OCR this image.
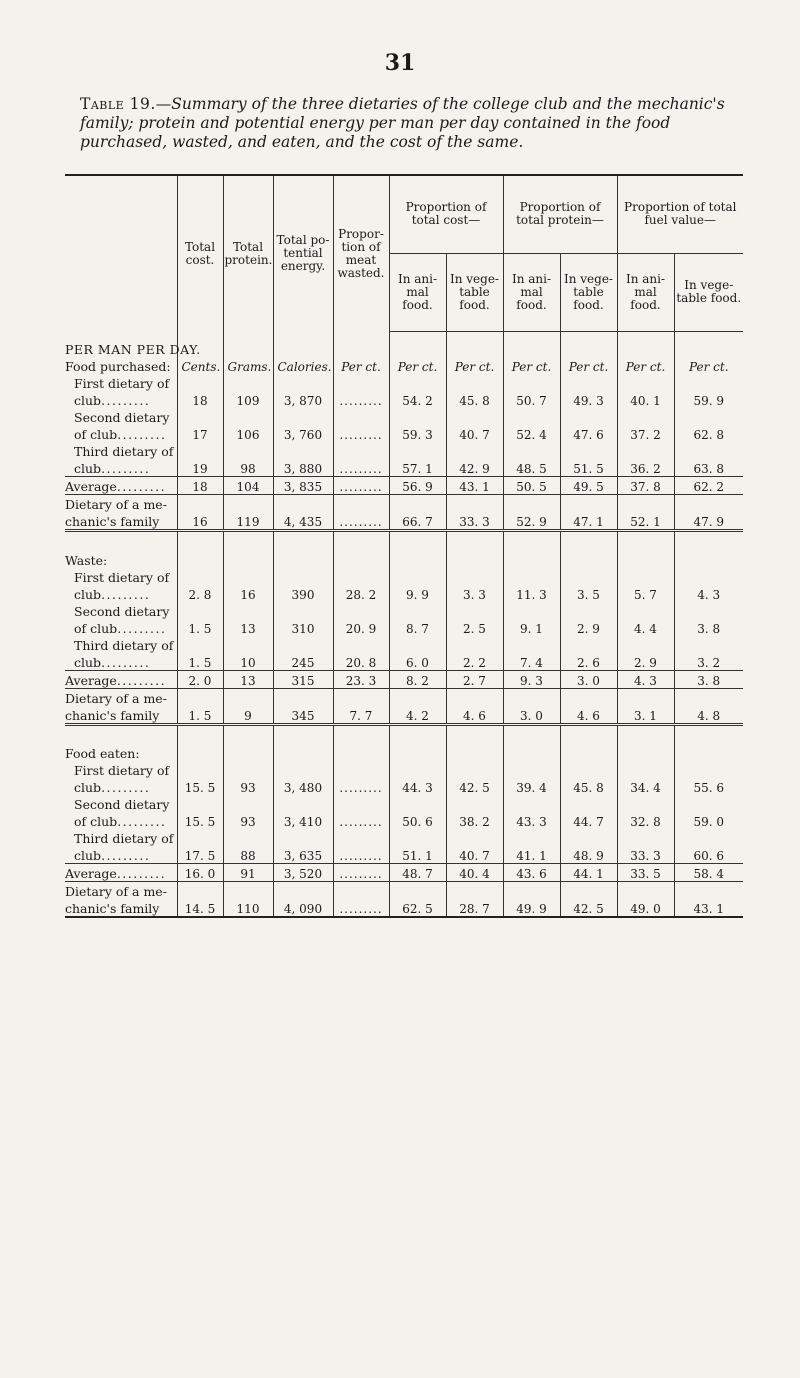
31
Table 19.—Summary of the three dietaries of the college club and the mechanic's family; protein and potential energy per man per day contained in the food purchased, wasted, and eaten, and the cost of the same.
	Total cost.	Total protein.	Total po-tential energy.	Propor-tion of meat wasted.	Proportion of total cost—		Proportion of total protein—		Proportion of total fuel value—	
					In ani-mal food.	In vege-table food.	In ani-mal food.	In vege-table food.	In ani-mal food.	In vege-table food.
PER MAN PER DAY.										
Food purchased:	Cents.	Grams.	Calories.	Per ct.	Per ct.	Per ct.	Per ct.	Per ct.	Per ct.	Per ct.
First dietary of										
club.........	18	109	3, 870	.........	54. 2	45. 8	50. 7	49. 3	40. 1	59. 9
Second dietary										
of club.........	17	106	3, 760	.........	59. 3	40. 7	52. 4	47. 6	37. 2	62. 8
Third dietary of										
club.........	19	98	3, 880	.........	57. 1	42. 9	48. 5	51. 5	36. 2	63. 8
Average.........	18	104	3, 835	.........	56. 9	43. 1	50. 5	49. 5	37. 8	62. 2
Dietary of a me-										
chanic's family	16	119	4, 435	.........	66. 7	33. 3	52. 9	47. 1	52. 1	47. 9

Waste:										
First dietary of										
club.........	2. 8	16	390	28. 2	9. 9	3. 3	11. 3	3. 5	5. 7	4. 3
Second dietary										
of club.........	1. 5	13	310	20. 9	8. 7	2. 5	9. 1	2. 9	4. 4	3. 8
Third dietary of										
club.........	1. 5	10	245	20. 8	6. 0	2. 2	7. 4	2. 6	2. 9	3. 2
Average.........	2. 0	13	315	23. 3	8. 2	2. 7	9. 3	3. 0	4. 3	3. 8
Dietary of a me-										
chanic's family	1. 5	9	345	7. 7	4. 2	4. 6	3. 0	4. 6	3. 1	4. 8

Food eaten:										
First dietary of										
club.........	15. 5	93	3, 480	.........	44. 3	42. 5	39. 4	45. 8	34. 4	55. 6
Second dietary										
of club.........	15. 5	93	3, 410	.........	50. 6	38. 2	43. 3	44. 7	32. 8	59. 0
Third dietary of										
club.........	17. 5	88	3, 635	.........	51. 1	40. 7	41. 1	48. 9	33. 3	60. 6
Average.........	16. 0	91	3, 520	.........	48. 7	40. 4	43. 6	44. 1	33. 5	58. 4
Dietary of a me-										
chanic's family	14. 5	110	4, 090	.........	62. 5	28. 7	49. 9	42. 5	49. 0	43. 1
